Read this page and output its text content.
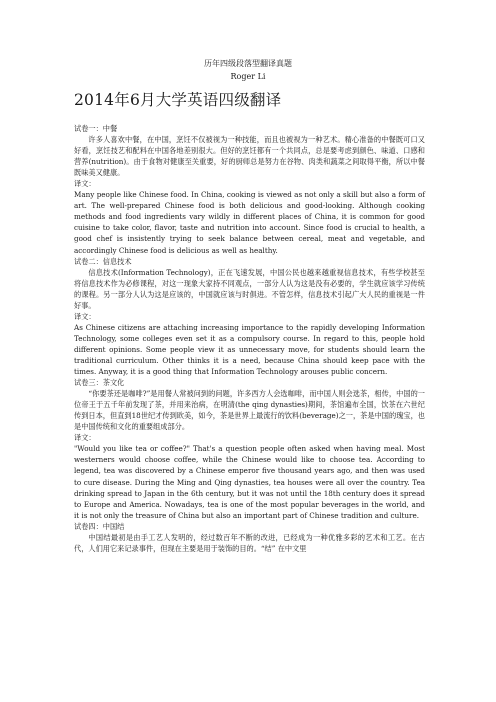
历年四级段落型翻译真题
Roger Li
2014年6月大学英语四级翻译

试卷一：中餐

许多人喜欢中餐，在中国，烹饪不仅被视为一种技能，而且也被视为一种艺术。精心准备的中餐既可口又好看，烹饪技艺和配料在中国各地差别很大。但好的烹饪都有一个共同点，总是要考虑到颜色、味道、口感和营养(nutrition)。由于食物对健康至关重要，好的厨师总是努力在谷物、肉类和蔬菜之间取得平衡，所以中餐既味美又健康。

译文：

Many people like Chinese food. In China, cooking is viewed as not only a skill but also a form of art. The well-prepared Chinese food is both delicious and good-looking. Although cooking methods and food ingredients vary wildly in different places of China, it is common for good cuisine to take color, flavor, taste and nutrition into account. Since food is crucial to health, a good chef is insistently trying to seek balance between cereal, meat and vegetable, and accordingly Chinese food is delicious as well as healthy.

试卷二：信息技术

信息技术(Information Technology)，正在飞速发展，中国公民也越来越重视信息技术，有些学校甚至将信息技术作为必修课程，对这一现象大家持不同观点，一部分人认为这是没有必要的，学生就应该学习传统的课程。另一部分人认为这是应该的，中国就应该与时俱进。不管怎样，信息技术引起广大人民的重视是一件好事。

译文：

As Chinese citizens are attaching increasing importance to the rapidly developing Information Technology, some colleges even set it as a compulsory course. In regard to this, people hold different opinions. Some people view it as unnecessary move, for students should learn the traditional curriculum. Other thinks it is a need, because China should keep pace with the times. Anyway, it is a good thing that Information Technology arouses public concern.

试卷三：茶文化

“你要茶还是咖啡?”是用餐人常被问到的问题，许多西方人会选咖啡，而中国人则会选茶，相传，中国的一位帝王于五千年前发现了茶，并用来治病，在明清(the qing dynasties)期间，茶馆遍布全国，饮茶在六世纪传到日本，但直到18世纪才传到欧美，如今，茶是世界上最流行的饮料(beverage)之一，茶是中国的瑰宝，也是中国传统和文化的重要组成部分。

译文：

"Would you like tea or coffee?" That's a question people often asked when having meal. Most westerners would choose coffee, while the Chinese would like to choose tea. According to legend, tea was discovered by a Chinese emperor five thousand years ago, and then was used to cure disease. During the Ming and Qing dynasties, tea houses were all over the country. Tea drinking spread to Japan in the 6th century, but it was not until the 18th century does it spread to Europe and America. Nowadays, tea is one of the most popular beverages in the world, and it is not only the treasure of China but also an important part of Chinese tradition and culture.

试卷四：中国结

中国结最初是由手工艺人发明的，经过数百年不断的改进，已经成为一种优雅多彩的艺术和工艺。在古代，人们用它来记录事件，但现在主要是用于装饰的目的。“结” 在中文里
